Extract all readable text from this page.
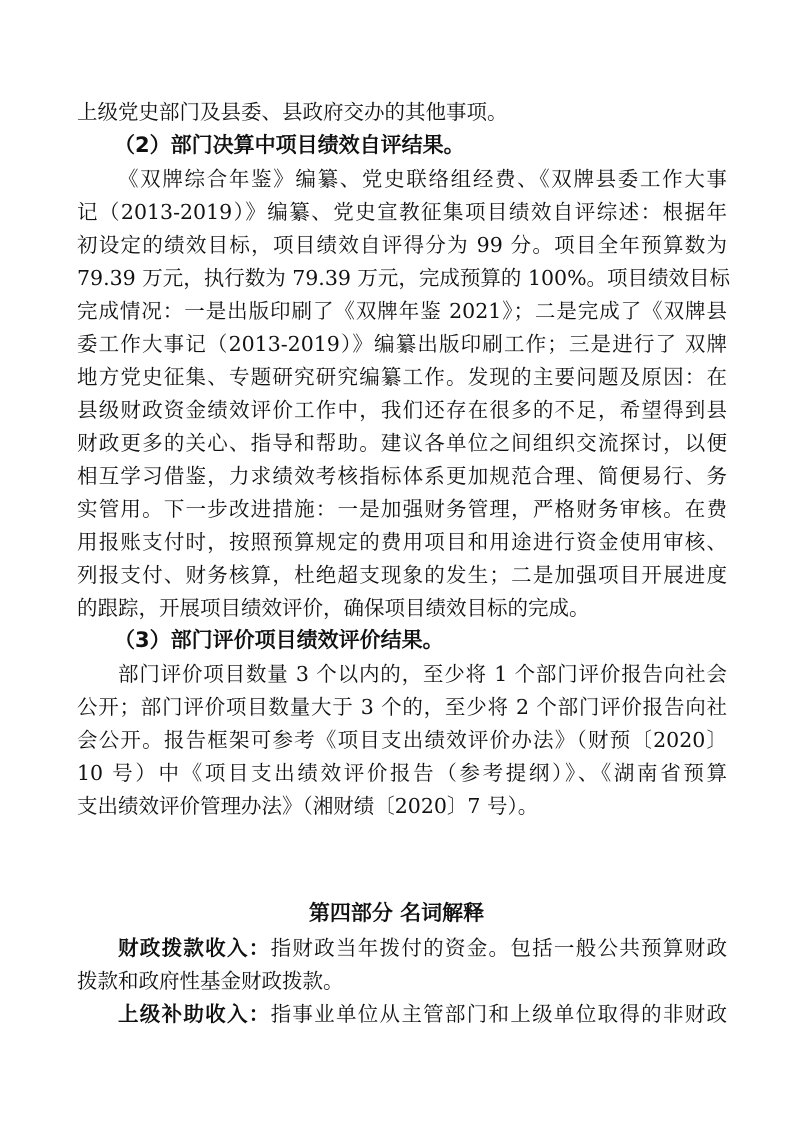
上级党史部门及县委、县政府交办的其他事项。
（2）部门决算中项目绩效自评结果。
《双牌综合年鉴》编纂、党史联络组经费、《双牌县委工作大事
记（2013-2019）》编纂、党史宣教征集项目绩效自评综述：根据年
初设定的绩效目标，项目绩效自评得分为 99 分。项目全年预算数为
79.39 万元，执行数为 79.39 万元，完成预算的 100%。项目绩效目标
完成情况：一是出版印刷了《双牌年鉴 2021》；二是完成了《双牌县
委工作大事记（2013-2019）》编纂出版印刷工作；三是进行了 双牌
地方党史征集、专题研究研究编纂工作。发现的主要问题及原因：在
县级财政资金绩效评价工作中，我们还存在很多的不足，希望得到县
财政更多的关心、指导和帮助。建议各单位之间组织交流探讨，以便
相互学习借鉴，力求绩效考核指标体系更加规范合理、简便易行、务
实管用。下一步改进措施：一是加强财务管理，严格财务审核。在费
用报账支付时，按照预算规定的费用项目和用途进行资金使用审核、
列报支付、财务核算，杜绝超支现象的发生；二是加强项目开展进度
的跟踪，开展项目绩效评价，确保项目绩效目标的完成。
（3）部门评价项目绩效评价结果。
部门评价项目数量 3 个以内的，至少将 1 个部门评价报告向社会
公开；部门评价项目数量大于 3 个的，至少将 2 个部门评价报告向社
会公开。报告框架可参考《项目支出绩效评价办法》（财预〔2020〕
10 号）中《项目支出绩效评价报告（参考提纲）》、《湖南省预算
支出绩效评价管理办法》（湘财绩〔2020〕7 号）。
第四部分 名词解释
财政拨款收入：指财政当年拨付的资金。包括一般公共预算财政
拨款和政府性基金财政拨款。
上级补助收入：指事业单位从主管部门和上级单位取得的非财政
